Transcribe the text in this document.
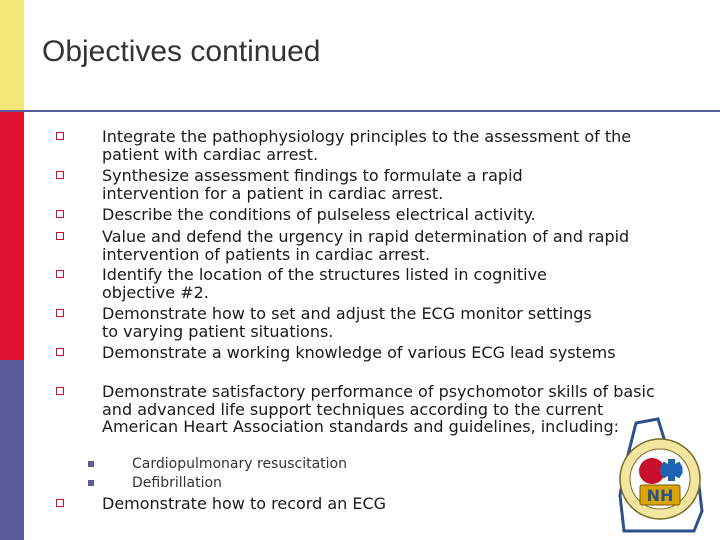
Objectives continued
Integrate the pathophysiology principles to the assessment of the patient with cardiac arrest.
Synthesize assessment findings to formulate a rapid intervention for a patient in cardiac arrest.
Describe the conditions of pulseless electrical activity.
Value and defend the urgency in rapid determination of and rapid intervention of patients in cardiac arrest.
Identify the location of the structures listed in cognitive objective #2.
Demonstrate how to set and adjust the ECG monitor settings to varying patient situations.
Demonstrate a working knowledge of various ECG lead systems
Demonstrate satisfactory performance of psychomotor skills of basic and advanced life support techniques according to the current American Heart Association standards and guidelines, including:
Cardiopulmonary resuscitation
Defibrillation
Demonstrate how to record an ECG	NH
